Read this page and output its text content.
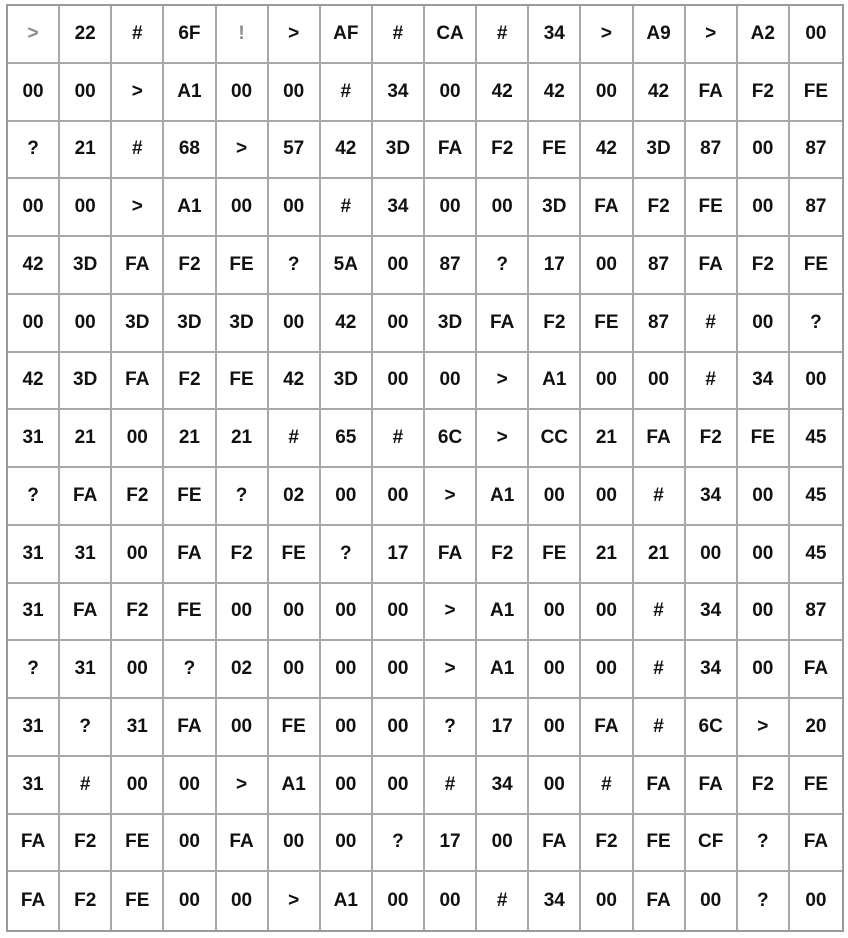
>	22	#	6F	!	>	AF	#	CA	#	34	>	A9	>	A2	00
00	00	>	A1	00	00	#	34	00	42	42	00	42	FA	F2	FE
?	21	#	68	>	57	42	3D	FA	F2	FE	42	3D	87	00	87
00	00	>	A1	00	00	#	34	00	00	3D	FA	F2	FE	00	87
42	3D	FA	F2	FE	?	5A	00	87	?	17	00	87	FA	F2	FE
00	00	3D	3D	3D	00	42	00	3D	FA	F2	FE	87	#	00	?
42	3D	FA	F2	FE	42	3D	00	00	>	A1	00	00	#	34	00
31	21	00	21	21	#	65	#	6C	>	CC	21	FA	F2	FE	45
?	FA	F2	FE	?	02	00	00	>	A1	00	00	#	34	00	45
31	31	00	FA	F2	FE	?	17	FA	F2	FE	21	21	00	00	45
31	FA	F2	FE	00	00	00	00	>	A1	00	00	#	34	00	87
?	31	00	?	02	00	00	00	>	A1	00	00	#	34	00	FA
31	?	31	FA	00	FE	00	00	?	17	00	FA	#	6C	>	20
31	#	00	00	>	A1	00	00	#	34	00	#	FA	FA	F2	FE
FA	F2	FE	00	FA	00	00	?	17	00	FA	F2	FE	CF	?	FA
FA	F2	FE	00	00	>	A1	00	00	#	34	00	FA	00	?	00
